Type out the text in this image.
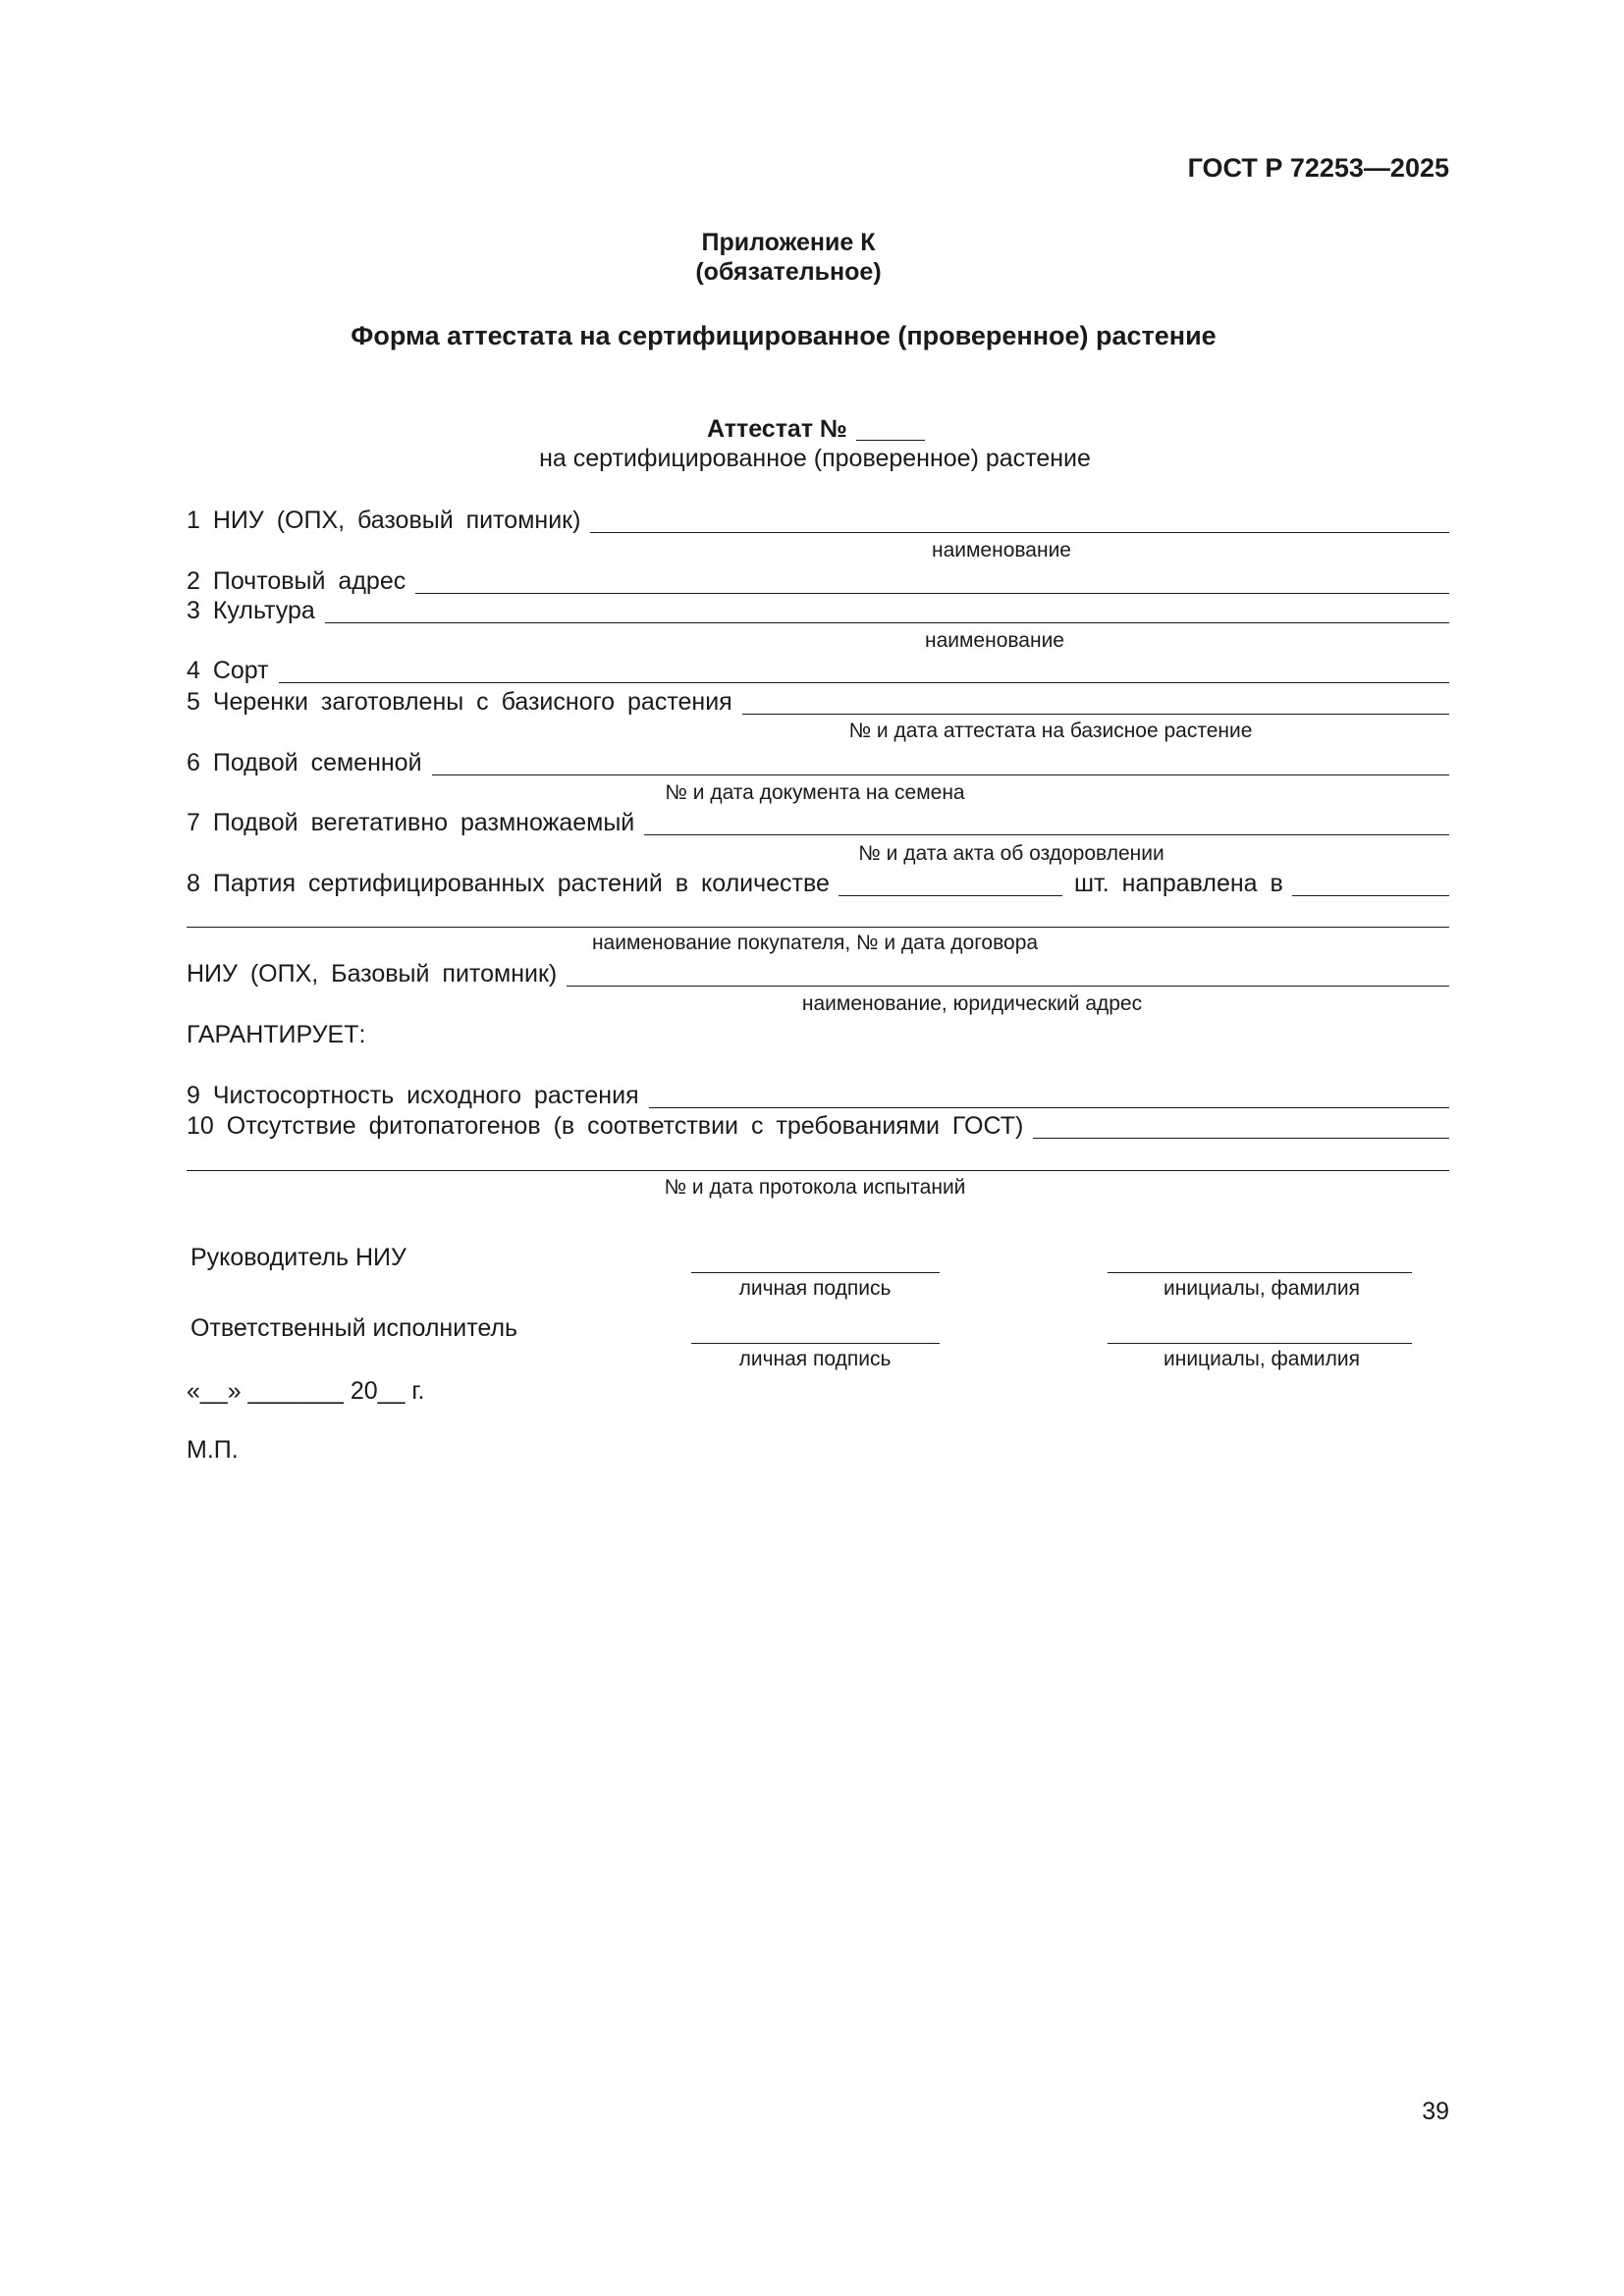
ГОСТ Р 72253—2025
Приложение К
(обязательное)
Форма аттестата на сертифицированное (проверенное) растение
Аттестат №
на сертифицированное (проверенное) растение
1 НИУ (ОПХ, базовый питомник)
наименование
2 Почтовый адрес
3 Культура
наименование
4 Сорт
5 Черенки заготовлены с базисного растения
№ и дата аттестата на базисное растение
6 Подвой семенной
№ и дата документа на семена
7 Подвой вегетативно размножаемый
№ и дата акта об оздоровлении
8 Партия сертифицированных растений в количестве	шт. направлена в
наименование покупателя, № и дата договора
НИУ (ОПХ, Базовый питомник)
наименование, юридический адрес
ГАРАНТИРУЕТ:
9 Чистосортность исходного растения
10 Отсутствие фитопатогенов (в соответствии с требованиями ГОСТ)
№ и дата протокола испытаний
Руководитель НИУ
личная подпись	инициалы, фамилия
Ответственный исполнитель
личная подпись	инициалы, фамилия
«__» _______ 20__ г.
М.П.
39
